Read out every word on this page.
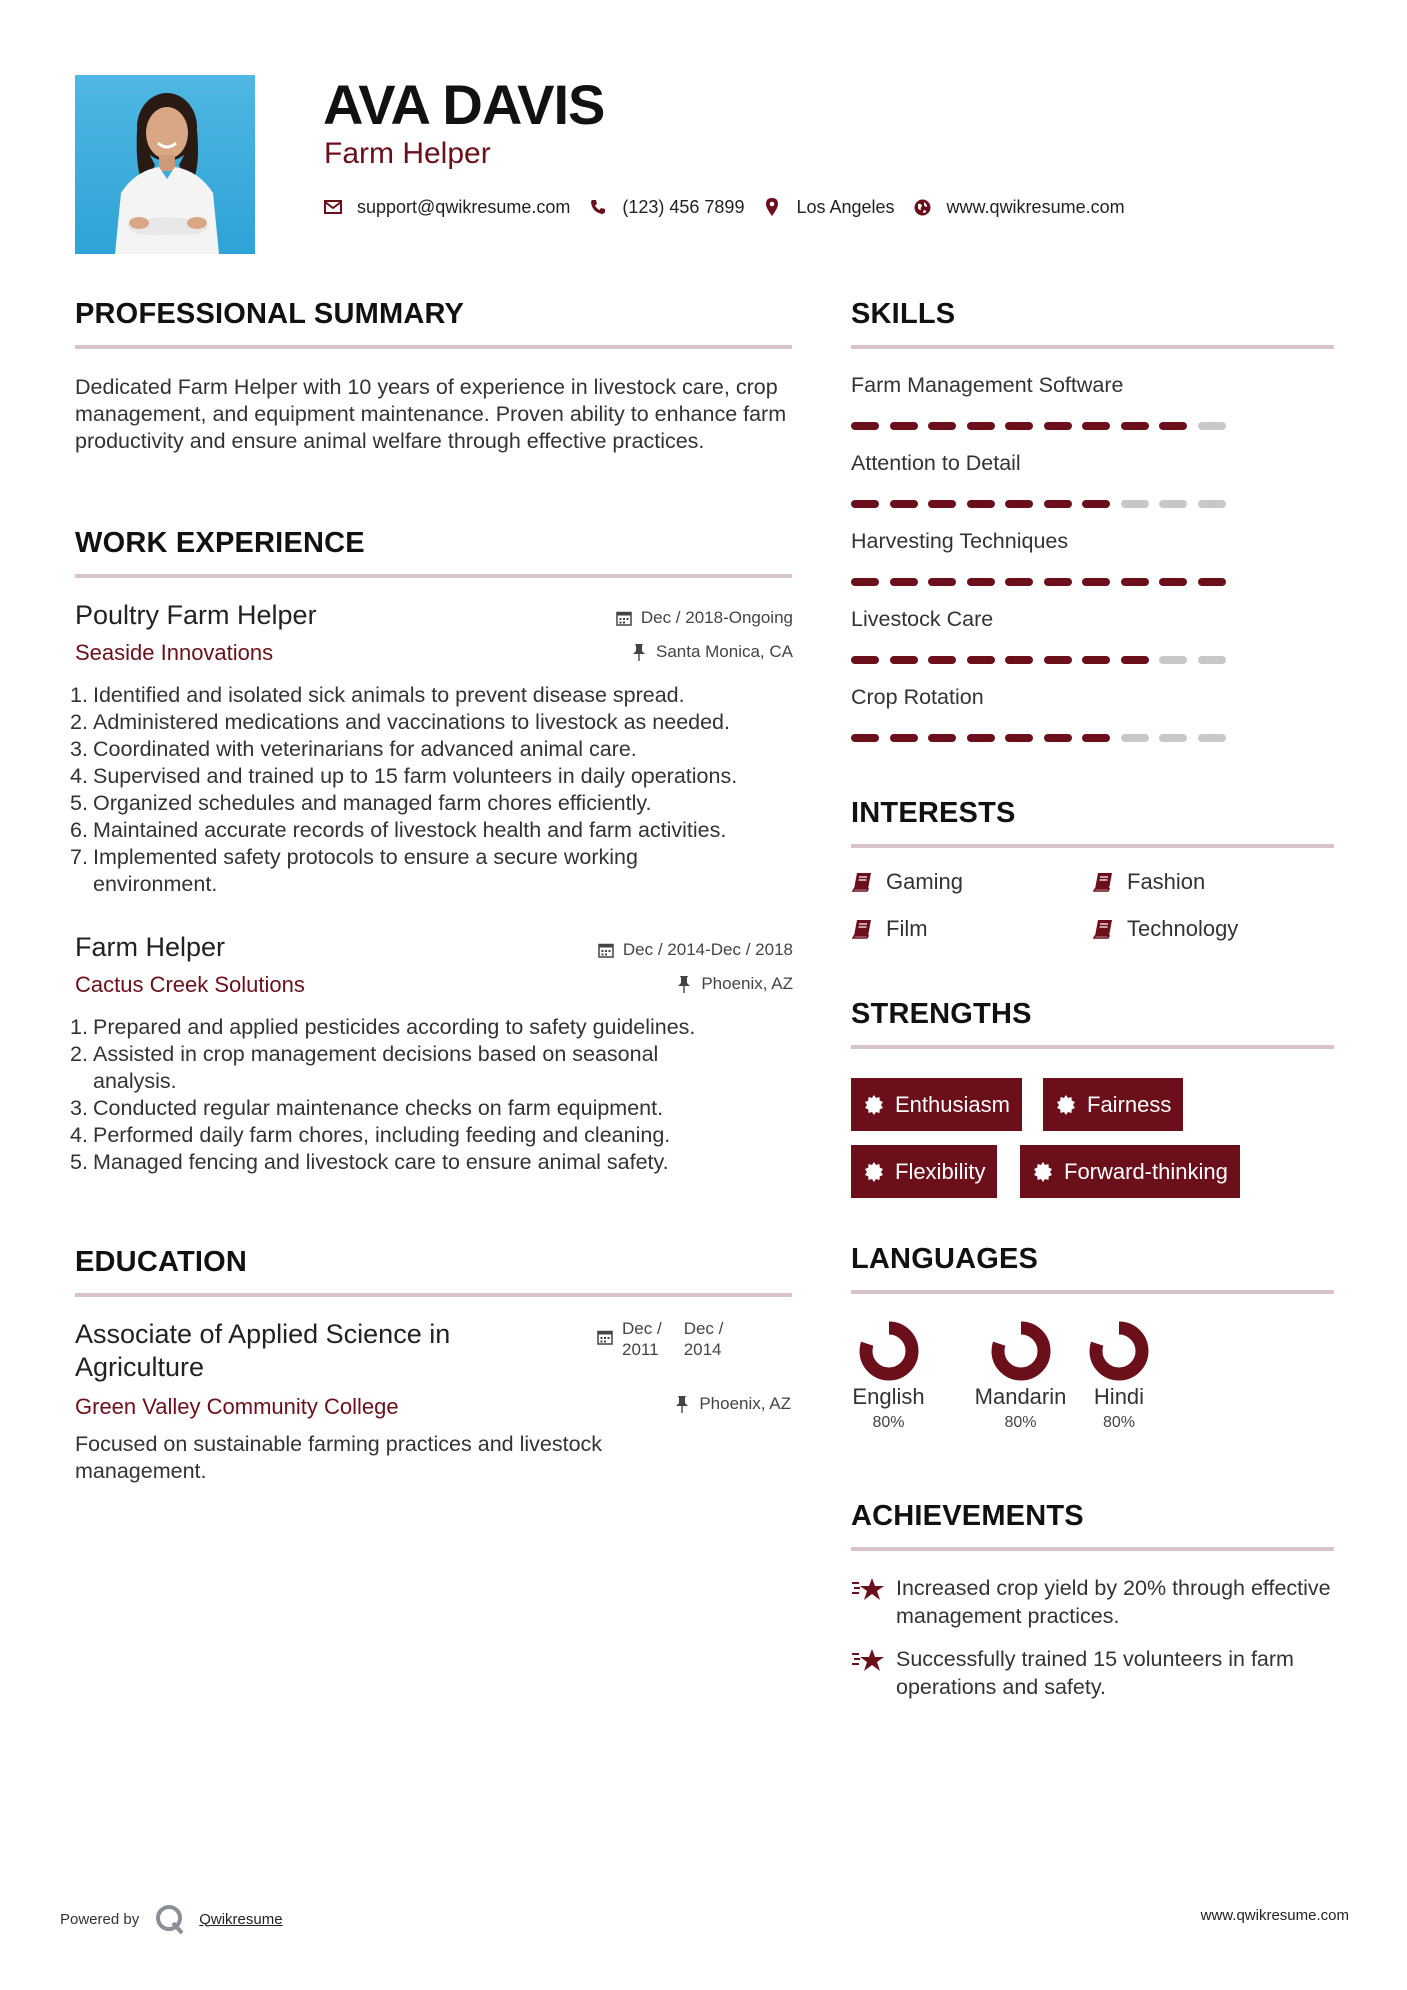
AVA DAVIS
Farm Helper
support@qwikresume.com	(123) 456 7899	Los Angeles	www.qwikresume.com
PROFESSIONAL SUMMARY
Dedicated Farm Helper with 10 years of experience in livestock care, crop management, and equipment maintenance. Proven ability to enhance farm productivity and ensure animal welfare through effective practices.
WORK EXPERIENCE
Poultry Farm Helper
Seaside Innovations
Dec / 2018-Ongoing
Santa Monica, CA
1. Identified and isolated sick animals to prevent disease spread.
2. Administered medications and vaccinations to livestock as needed.
3. Coordinated with veterinarians for advanced animal care.
4. Supervised and trained up to 15 farm volunteers in daily operations.
5. Organized schedules and managed farm chores efficiently.
6. Maintained accurate records of livestock health and farm activities.
7. Implemented safety protocols to ensure a secure working environment.
Farm Helper
Cactus Creek Solutions
Dec / 2014-Dec / 2018
Phoenix, AZ
1. Prepared and applied pesticides according to safety guidelines.
2. Assisted in crop management decisions based on seasonal analysis.
3. Conducted regular maintenance checks on farm equipment.
4. Performed daily farm chores, including feeding and cleaning.
5. Managed fencing and livestock care to ensure animal safety.
EDUCATION
Associate of Applied Science in Agriculture
Dec /
2011
Dec /
2014
Green Valley Community College	Phoenix, AZ
Focused on sustainable farming practices and livestock management.
SKILLS
Farm Management Software
Attention to Detail
Harvesting Techniques
Livestock Care
Crop Rotation
INTERESTS
Gaming	Fashion
Film	Technology
STRENGTHS
Enthusiasm	Fairness
Flexibility	Forward-thinking
LANGUAGES
English
80%
Mandarin
80%
Hindi
80%
ACHIEVEMENTS
Increased crop yield by 20% through effective management practices.
Successfully trained 15 volunteers in farm operations and safety.
Powered by	Qwikresume	www.qwikresume.com
